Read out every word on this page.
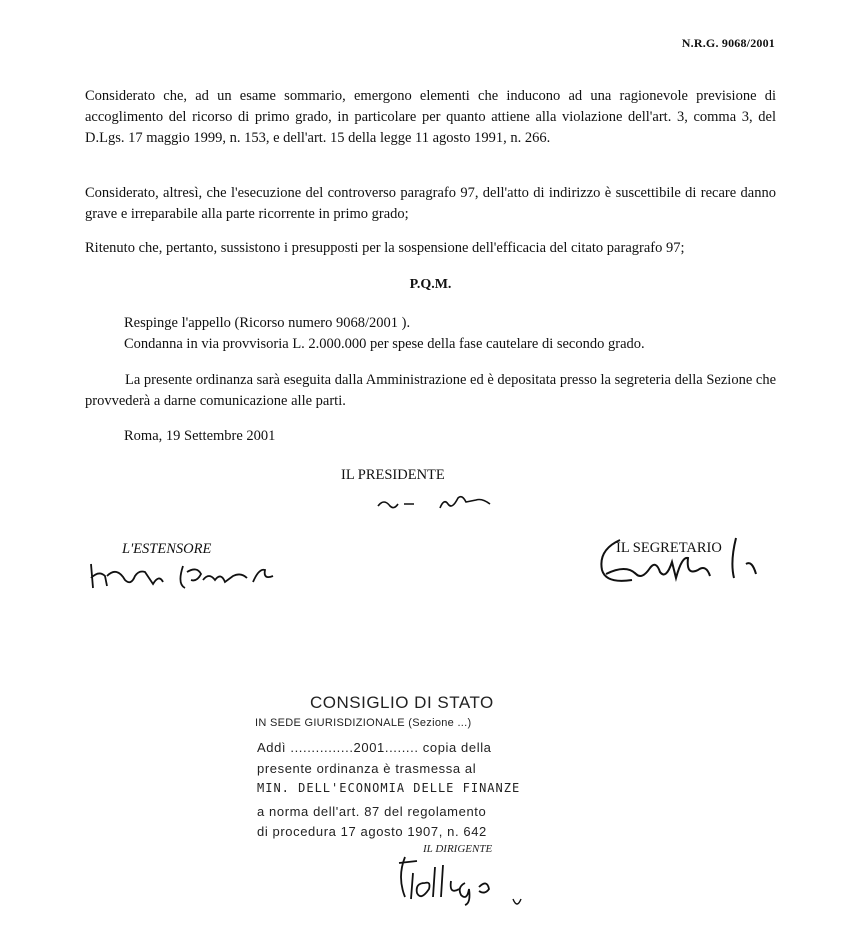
N.R.G. 9068/2001
Considerato che, ad un esame sommario, emergono elementi che inducono ad una ragionevole previsione di accoglimento del ricorso di primo grado, in particolare per quanto attiene alla violazione dell'art. 3, comma 3, del D.Lgs. 17 maggio 1999, n. 153, e dell'art. 15 della legge 11 agosto 1991, n. 266.
Considerato, altresì, che l'esecuzione del controverso paragrafo 97, dell'atto di indirizzo è suscettibile di recare danno grave e irreparabile alla parte ricorrente in primo grado;
Ritenuto che, pertanto, sussistono i presupposti per la sospensione dell'efficacia del citato paragrafo 97;
P.Q.M.
Respinge l'appello (Ricorso numero 9068/2001 ).
Condanna in via provvisoria L. 2.000.000 per spese della fase cautelare di secondo grado.
La presente ordinanza sarà eseguita dalla Amministrazione ed è depositata presso la segreteria della Sezione che provvederà a darne comunicazione alle parti.
Roma, 19 Settembre 2001
IL PRESIDENTE
L'ESTENSORE	IL SEGRETARIO
CONSIGLIO DI STATO
IN SEDE GIURISDIZIONALE (Sezione ...)
Addì ...............2001........ copia della
presente ordinanza è trasmessa al
MIN. DELL'ECONOMIA DELLE FINANZE
a norma dell'art. 87 del regolamento
di procedura 17 agosto 1907, n. 642
IL DIRIGENTE
